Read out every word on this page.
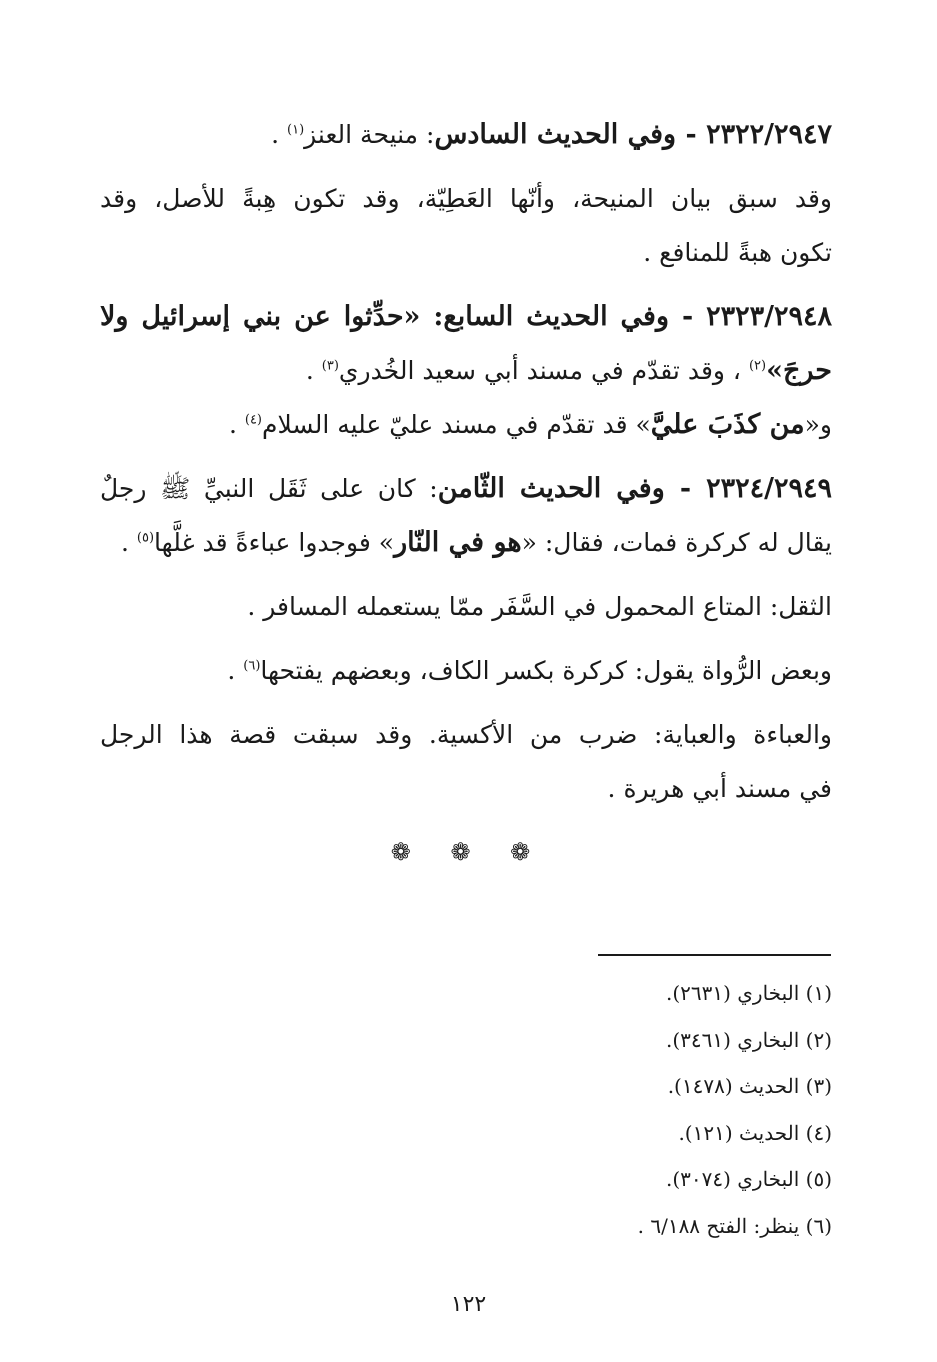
٢٣٢٢/٢٩٤٧ - وفي الحديث السادس: منيحة العنز$^{(١)}$ .
وقد سبق بيان المنيحة، وأنّها العَطِيّة، وقد تكون هِبةً للأصل، وقد
تكون هبةً للمنافع .
٢٣٢٣/٢٩٤٨ - وفي الحديث السابع: «حدِّثوا عن بني إسرائيل ولا
حرجَ»$^{(٢)}$ ، وقد تقدّم في مسند أبي سعيد الخُدري$^{(٣)}$ .
و«من كذَبَ عليَّ» قد تقدّم في مسند عليّ عليه السلام$^{(٤)}$ .
٢٣٢٤/٢٩٤٩ - وفي الحديث الثّامن: كان على ثَقَل النبيِّ ﷺ رجلٌ
يقال له كركرة فمات، فقال: «هو في النّار» فوجدوا عباءةً قد غلَّها$^{(٥)}$ .
الثقل: المتاع المحمول في السَّفَر ممّا يستعمله المسافر .
وبعض الرُّواة يقول: كركرة بكسر الكاف، وبعضهم يفتحها$^{(٦)}$ .
والعباءة والعباية: ضرب من الأكسية. وقد سبقت قصة هذا الرجل
في مسند أبي هريرة .
❁ ❁ ❁
(١) البخاري (٢٦٣١).
(٢) البخاري (٣٤٦١).
(٣) الحديث (١٤٧٨).
(٤) الحديث (١٢١).
(٥) البخاري (٣٠٧٤).
(٦) ينظر: الفتح ٦/١٨٨ .
١٢٢
